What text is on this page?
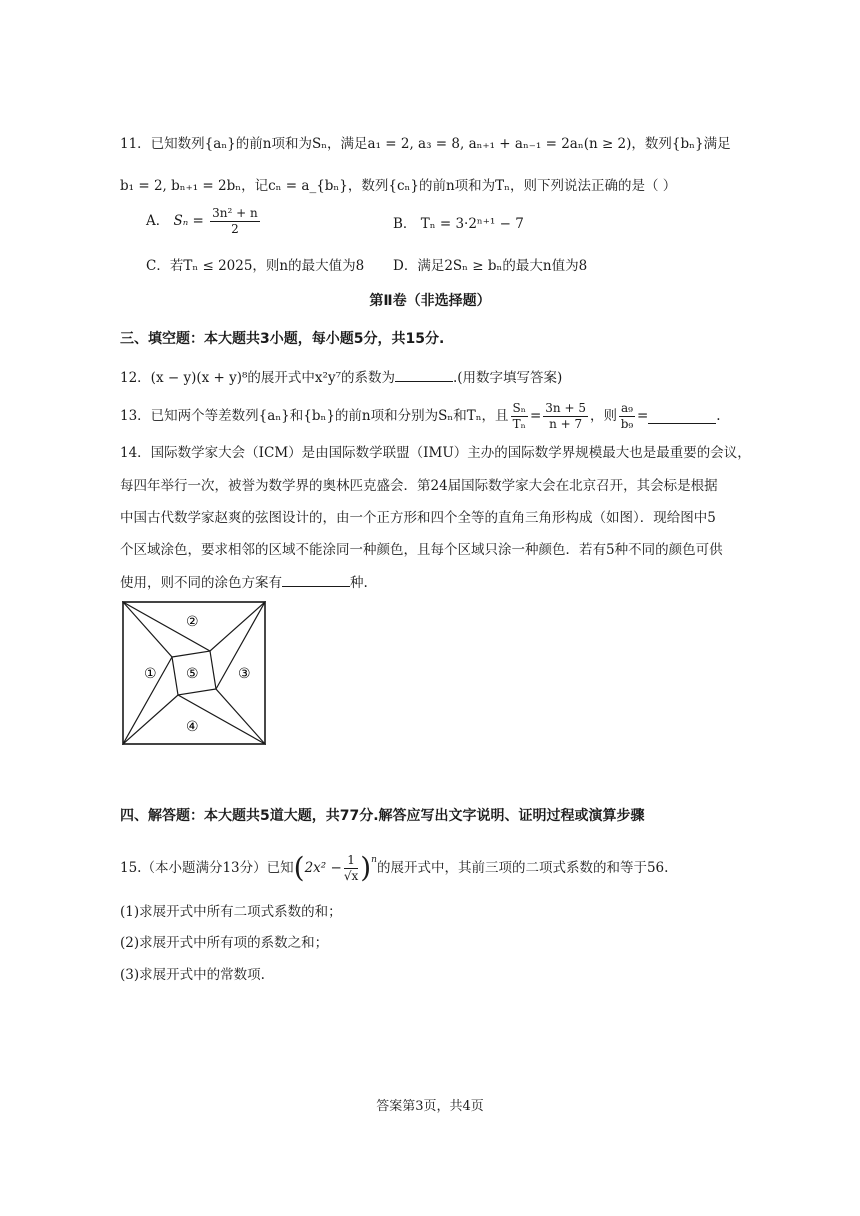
11．已知数列{aₙ}的前n项和为Sₙ，满足a₁ = 2, a₃ = 8, aₙ₊₁ + aₙ₋₁ = 2aₙ(n ≥ 2)，数列{bₙ}满足
b₁ = 2, bₙ₊₁ = 2bₙ，记cₙ = a_{bₙ}，数列{cₙ}的前n项和为Tₙ，则下列说法正确的是（ ）
A． $S_n = \frac{\text{3n² + n}}{2}$	B． Tₙ = 3·2ⁿ⁺¹ − 7
C．若Tₙ ≤ 2025，则n的最大值为8 D．满足2Sₙ ≥ bₙ的最大n值为8
第Ⅱ卷（非选择题）
三、填空题：本大题共3小题，每小题5分，共15分.
12．(x − y)(x + y)⁸的展开式中x²y⁷的系数为	.(用数字填写答案)
13．已知两个等差数列{aₙ}和{bₙ}的前n项和分别为Sₙ和Tₙ，且 $\frac{\text{Sₙ}}{\text{Tₙ}} = \frac{3n + 5}{n + 7}$ ，则 $\frac{\text{a₉}}{\text{b₉}}$ =	.
14．国际数学家大会（ICM）是由国际数学联盟（IMU）主办的国际数学界规模最大也是最重要的会议，
每四年举行一次，被誉为数学界的奥林匹克盛会．第24届国际数学家大会在北京召开，其会标是根据
中国古代数学家赵爽的弦图设计的，由一个正方形和四个全等的直角三角形构成（如图）．现给图中5
个区域涂色，要求相邻的区域不能涂同一种颜色，且每个区域只涂一种颜色．若有5种不同的颜色可供
使用，则不同的涂色方案有	种.
①
②
③
④
⑤
四、解答题：本大题共5道大题，共77分.解答应写出文字说明、证明过程或演算步骤
15.（本小题满分13分）已知 ( $2x^2 - \frac{1}{√x} )^n$ 的展开式中，其前三项的二项式系数的和等于56.
(1)求展开式中所有二项式系数的和；
(2)求展开式中所有项的系数之和；
(3)求展开式中的常数项.
答案第3页，共4页
